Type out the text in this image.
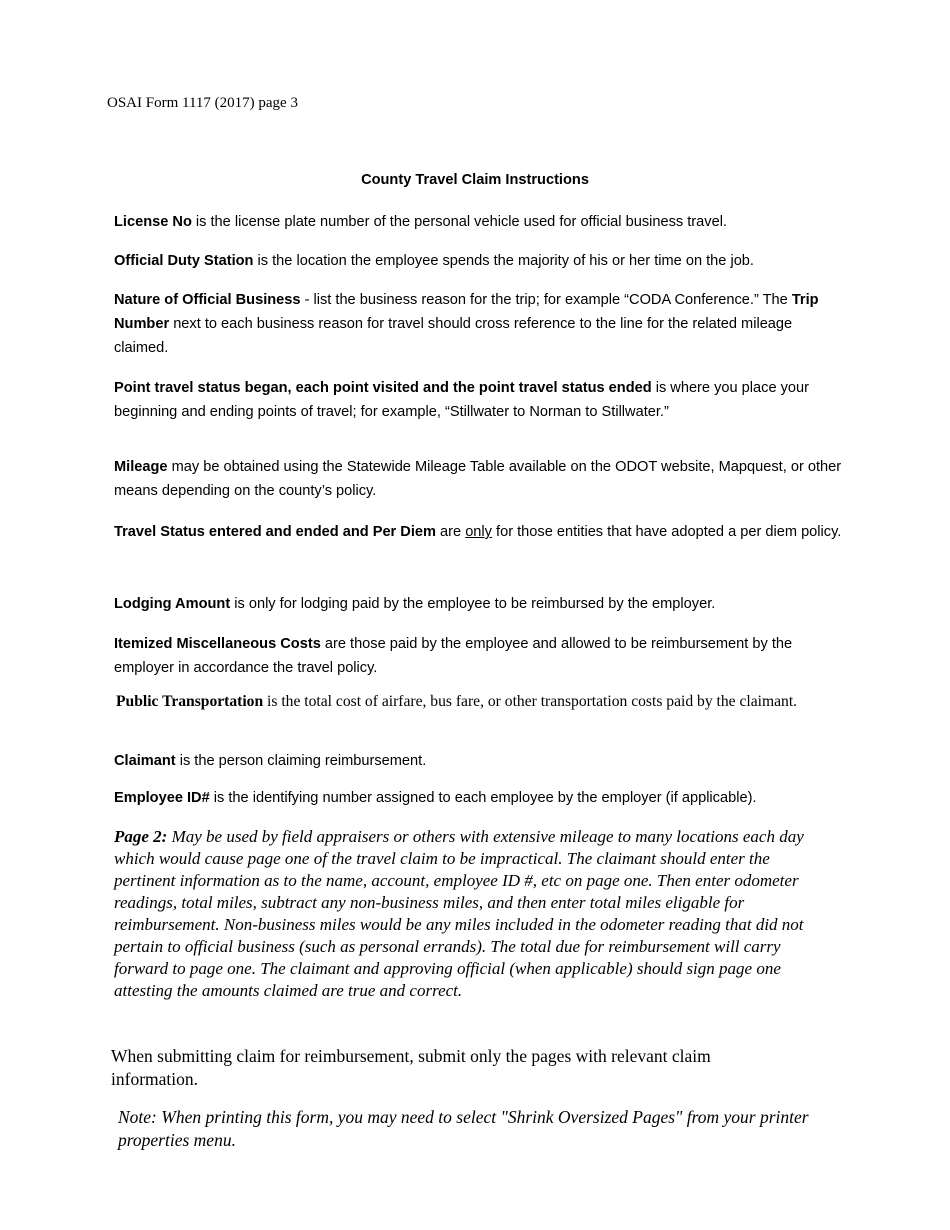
OSAI Form 1117 (2017) page 3
County Travel Claim Instructions

License No is the license plate number of the personal vehicle used for official business travel.

Official Duty Station is the location the employee spends the majority of his or her time on the job.

Nature of Official Business - list the business reason for the trip; for example “CODA Conference.” The Trip Number next to each business reason for travel should cross reference to the line for the related mileage claimed.

Point travel status began, each point visited and the point travel status ended is where you place your beginning and ending points of travel; for example, “Stillwater to Norman to Stillwater.”

Mileage may be obtained using the Statewide Mileage Table available on the ODOT website, Mapquest, or other means depending on the county’s policy.

Travel Status entered and ended and Per Diem are only for those entities that have adopted a per diem policy.

Lodging Amount is only for lodging paid by the employee to be reimbursed by the employer.

Itemized Miscellaneous Costs are those paid by the employee and allowed to be reimbursement by the employer in accordance the travel policy.

Public Transportation is the total cost of airfare, bus fare, or other transportation costs paid by the claimant.

Claimant is the person claiming reimbursement.

Employee ID# is the identifying number assigned to each employee by the employer (if applicable).

Page 2: May be used by field appraisers or others with extensive mileage to many locations each day which would cause page one of the travel claim to be impractical. The claimant should enter the pertinent information as to the name, account, employee ID #, etc on page one. Then enter odometer readings, total miles, subtract any non-business miles, and then enter total miles eligable for reimbursement. Non-business miles would be any miles included in the odometer reading that did not pertain to official business (such as personal errands). The total due for reimbursement will carry forward to page one. The claimant and approving official (when applicable) should sign page one attesting the amounts claimed are true and correct.

When submitting claim for reimbursement, submit only the pages with relevant claim information.

Note: When printing this form, you may need to select "Shrink Oversized Pages" from your printer properties menu.
